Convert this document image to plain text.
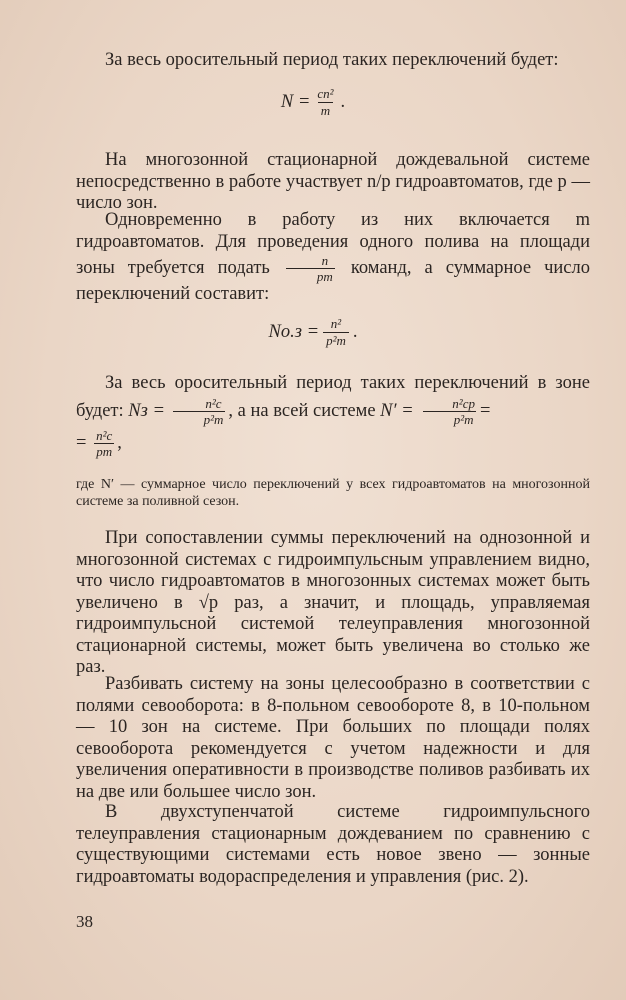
За весь оросительный период таких переключений будет:
$N = \frac{\text{cn²}}{m}$ .
На многозонной стационарной дождевальной системе непосредственно в работе участвует n/p гидроавтоматов, где p — число зон.
Одновременно в работу из них включается m гидроавтоматов. Для проведения одного полива на площади зоны требуется подать $\frac{n}{pm}$ команд, а суммарное число переключений составит:
$Nо.з = \frac{\text{n²}}{\text{p²m}}$ .
За весь оросительный период таких переключений в зоне будет: Nз = $\frac{\text{n²c}}{\text{p²m}}$ , а на всей системе $N' = \frac{\text{n²cp}}{\text{p²m}}$ =
= $\frac{\text{n²c}}{pm}$ ,
где N′ — суммарное число переключений у всех гидроавтоматов на многозонной системе за поливной сезон.
При сопоставлении суммы переключений на однозонной и многозонной системах с гидроимпульсным управлением видно, что число гидроавтоматов в многозонных системах может быть увеличено в √p раз, а значит, и площадь, управляемая гидроимпульсной системой телеуправления многозонной стационарной системы, может быть увеличена во столько же раз.
Разбивать систему на зоны целесообразно в соответствии с полями севооборота: в 8-польном севообороте 8, в 10-польном — 10 зон на системе. При больших по площади полях севооборота рекомендуется с учетом надежности и для увеличения оперативности в производстве поливов разбивать их на две или большее число зон.
В двухступенчатой системе гидроимпульсного телеуправления стационарным дождеванием по сравнению с существующими системами есть новое звено — зонные гидроавтоматы водораспределения и управления (рис. 2).
38
